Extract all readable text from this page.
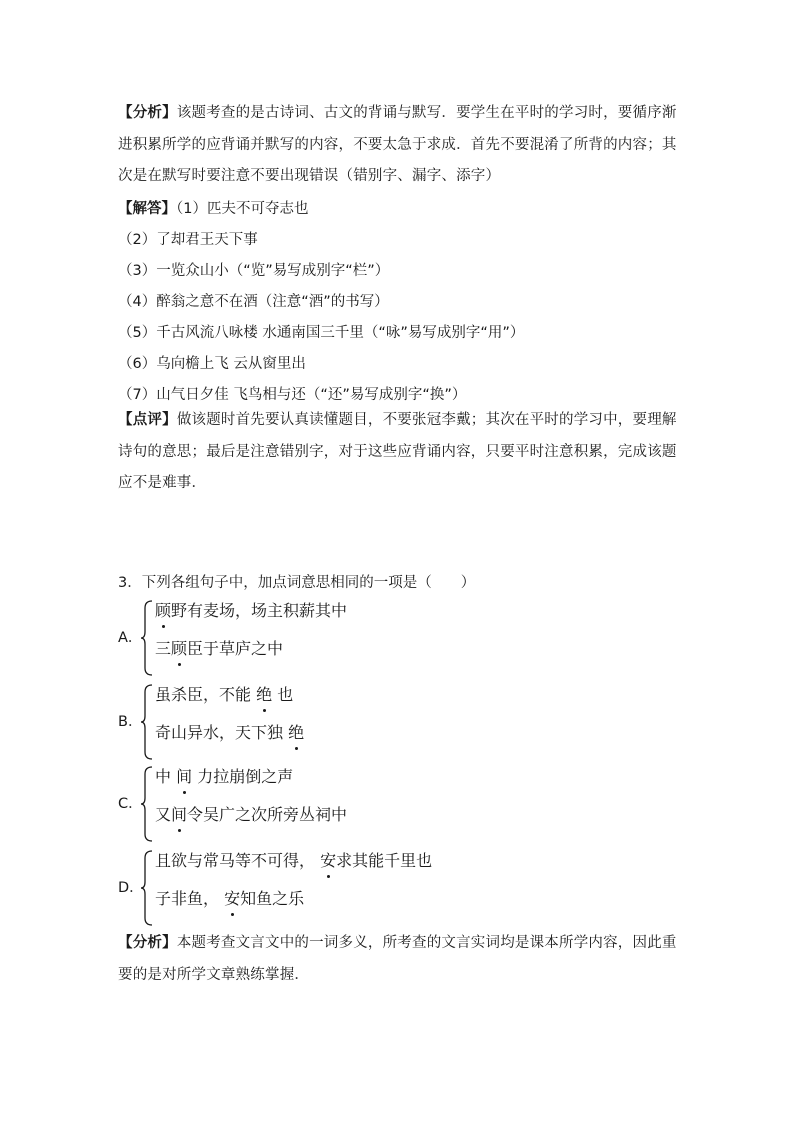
【分析】该题考查的是古诗词、古文的背诵与默写．要学生在平时的学习时，要循序渐进积累所学的应背诵并默写的内容，不要太急于求成．首先不要混淆了所背的内容；其次是在默写时要注意不要出现错误（错别字、漏字、添字）
【解答】（1）匹夫不可夺志也
（2）了却君王天下事
（3）一览众山小（“览”易写成别字“栏”）
（4）醉翁之意不在酒（注意“酒”的书写）
（5）千古风流八咏楼 水通南国三千里（“咏”易写成别字“用”）
（6）乌向檐上飞 云从窗里出
（7）山气日夕佳 飞鸟相与还（“还”易写成别字“换”）
【点评】做该题时首先要认真读懂题目，不要张冠李戴；其次在平时的学习中，要理解诗句的意思；最后是注意错别字，对于这些应背诵内容，只要平时注意积累，完成该题应不是难事．
3．下列各组句子中，加点词意思相同的一项是（　　）
A．
顾野有麦场，场主积薪其中
三顾臣于草庐之中
B．
虽杀臣，不能 绝 也
奇山异水，天下独 绝
C．
中 间 力拉崩倒之声
又间令吴广之次所旁丛祠中
D．
且欲与常马等不可得， 安求其能千里也
子非鱼， 安知鱼之乐
【分析】本题考查文言文中的一词多义，所考查的文言实词均是课本所学内容，因此重要的是对所学文章熟练掌握．
